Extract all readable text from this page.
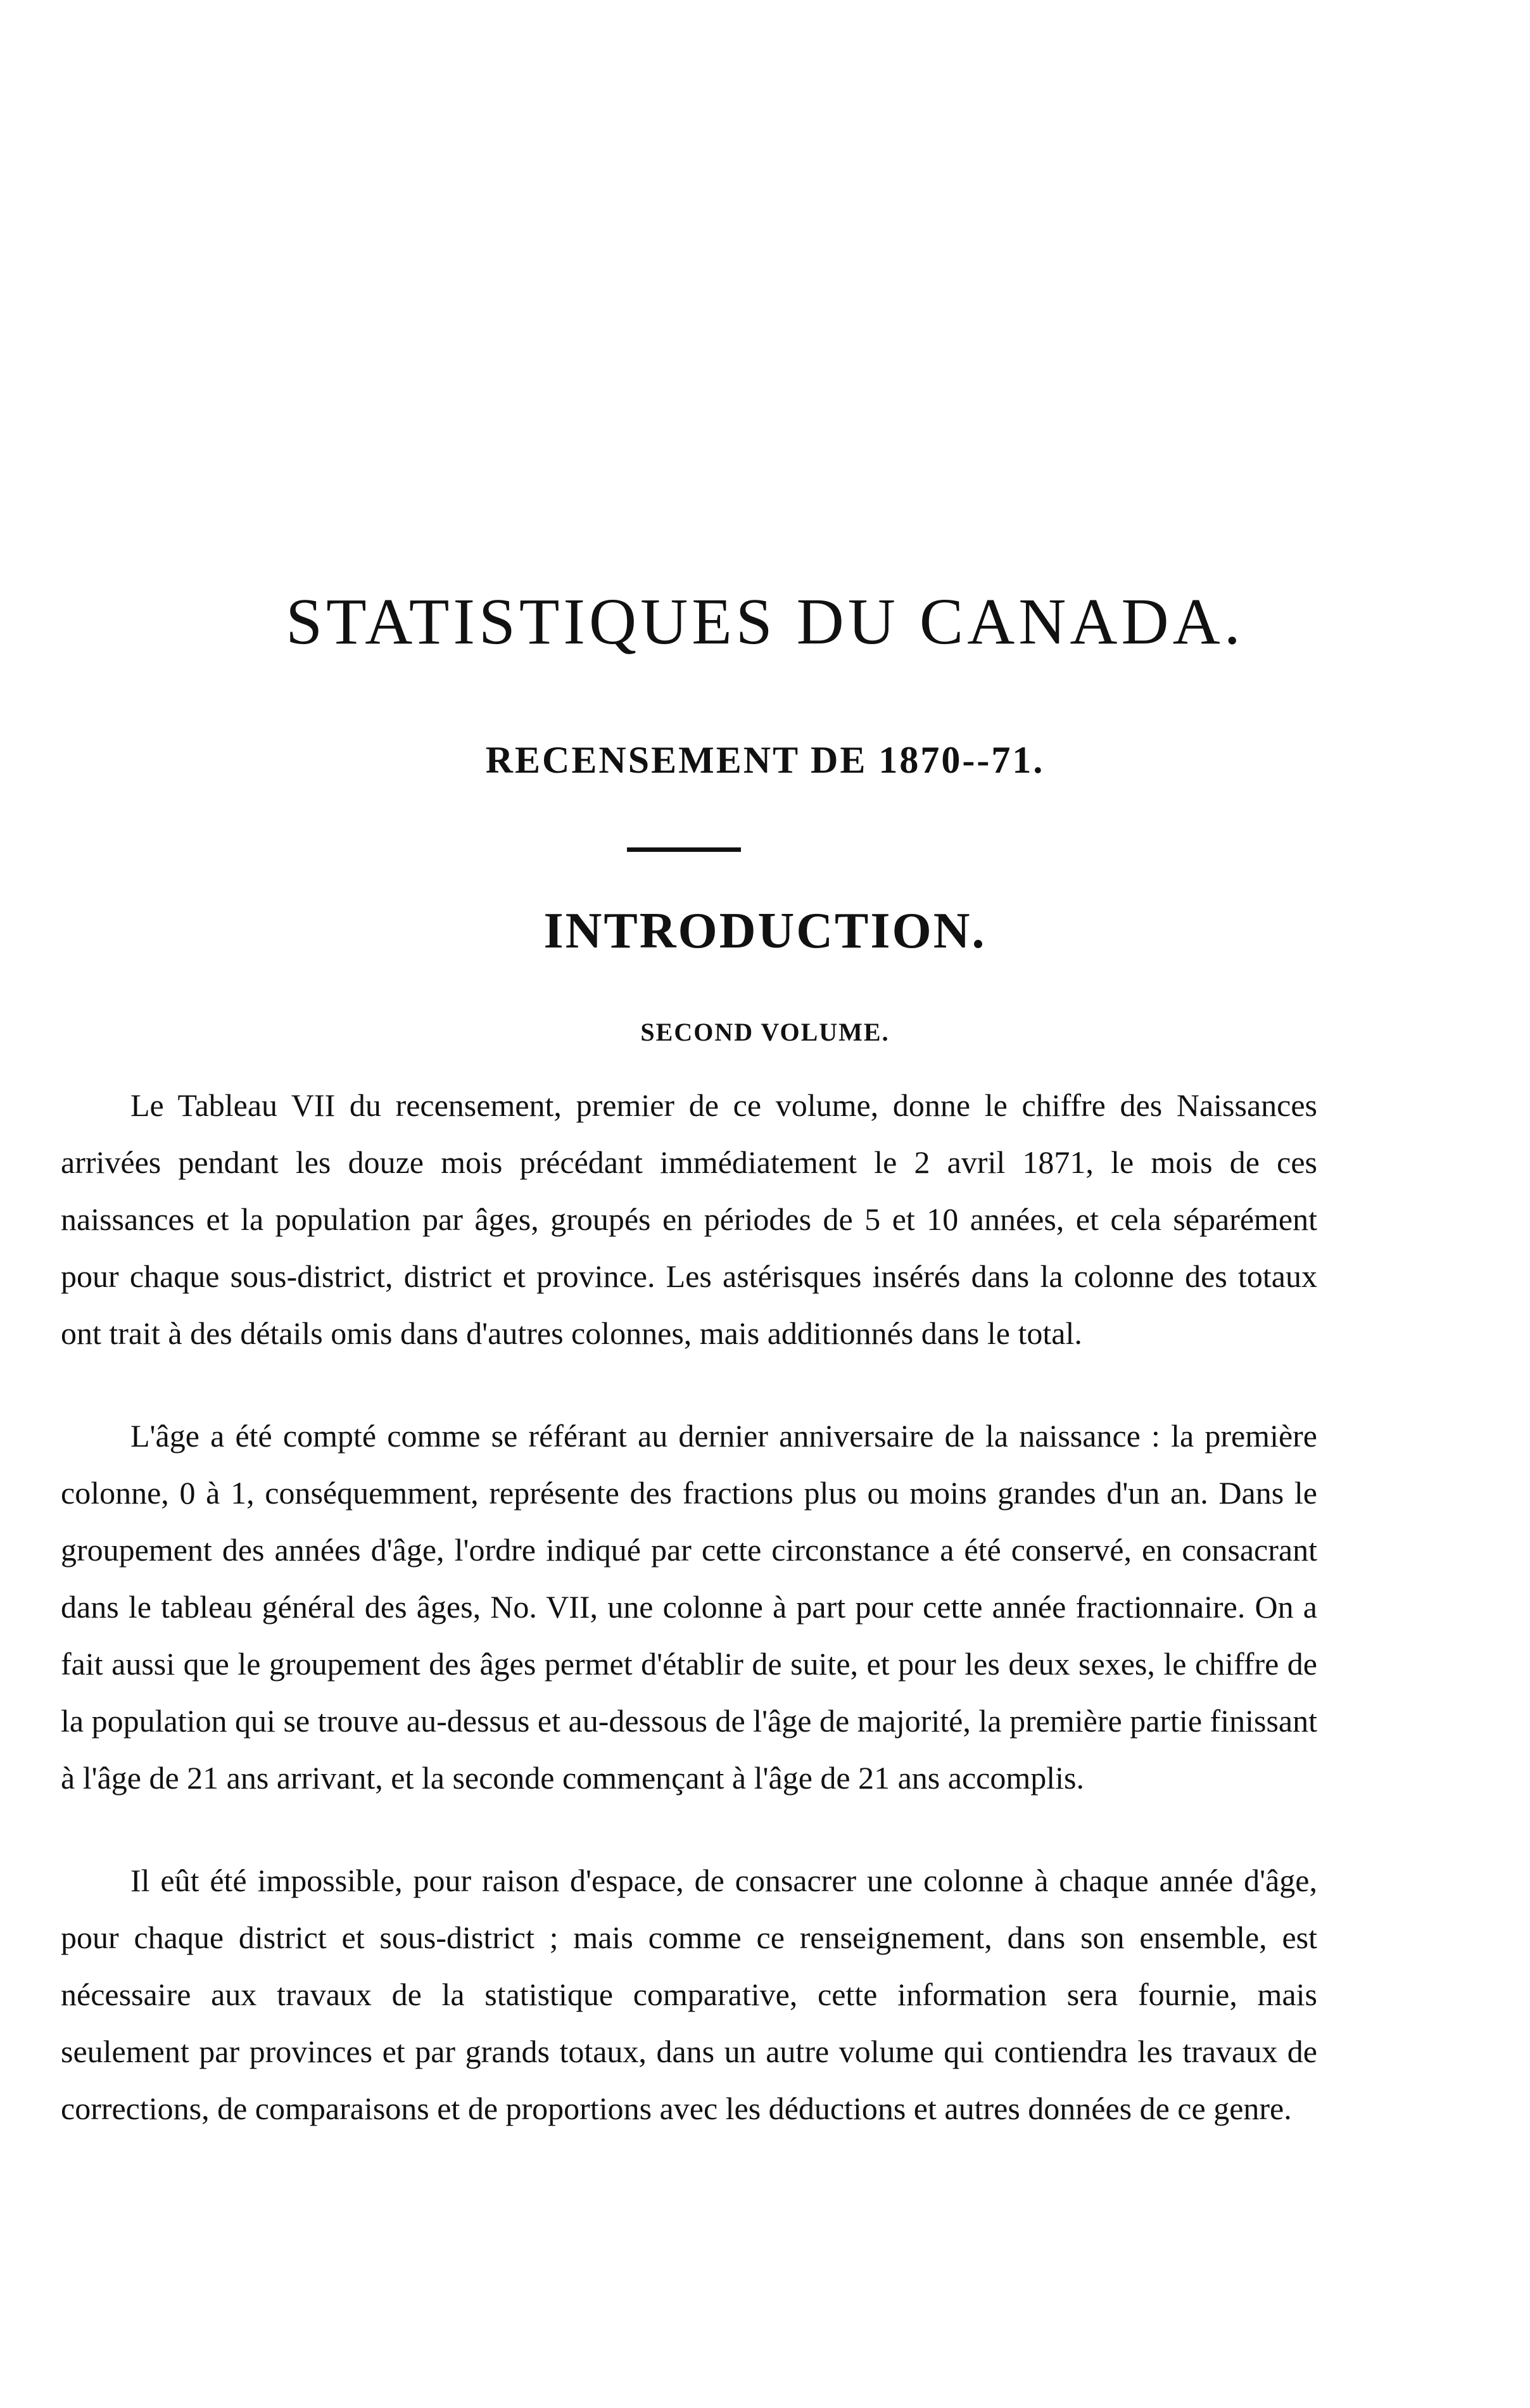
STATISTIQUES DU CANADA.
RECENSEMENT DE 1870--71.
INTRODUCTION.
SECOND VOLUME.

Le Tableau VII du recensement, premier de ce volume, donne le chiffre des Naissances arrivées pendant les douze mois précédant immédiatement le 2 avril 1871, le mois de ces naissances et la population par âges, groupés en périodes de 5 et 10 années, et cela séparément pour chaque sous-district, district et province. Les astérisques insérés dans la colonne des totaux ont trait à des détails omis dans d'autres colonnes, mais additionnés dans le total.

L'âge a été compté comme se référant au dernier anniversaire de la naissance : la première colonne, 0 à 1, conséquemment, représente des fractions plus ou moins grandes d'un an. Dans le groupement des années d'âge, l'ordre indiqué par cette circonstance a été conservé, en consacrant dans le tableau général des âges, No. VII, une colonne à part pour cette année fractionnaire. On a fait aussi que le groupement des âges permet d'établir de suite, et pour les deux sexes, le chiffre de la population qui se trouve au-dessus et au-dessous de l'âge de majorité, la première partie finissant à l'âge de 21 ans arrivant, et la seconde commençant à l'âge de 21 ans accomplis.

Il eût été impossible, pour raison d'espace, de consacrer une colonne à chaque année d'âge, pour chaque district et sous-district ; mais comme ce renseignement, dans son ensemble, est nécessaire aux travaux de la statistique comparative, cette information sera fournie, mais seulement par provinces et par grands totaux, dans un autre volume qui contiendra les travaux de corrections, de comparaisons et de proportions avec les déductions et autres données de ce genre.
